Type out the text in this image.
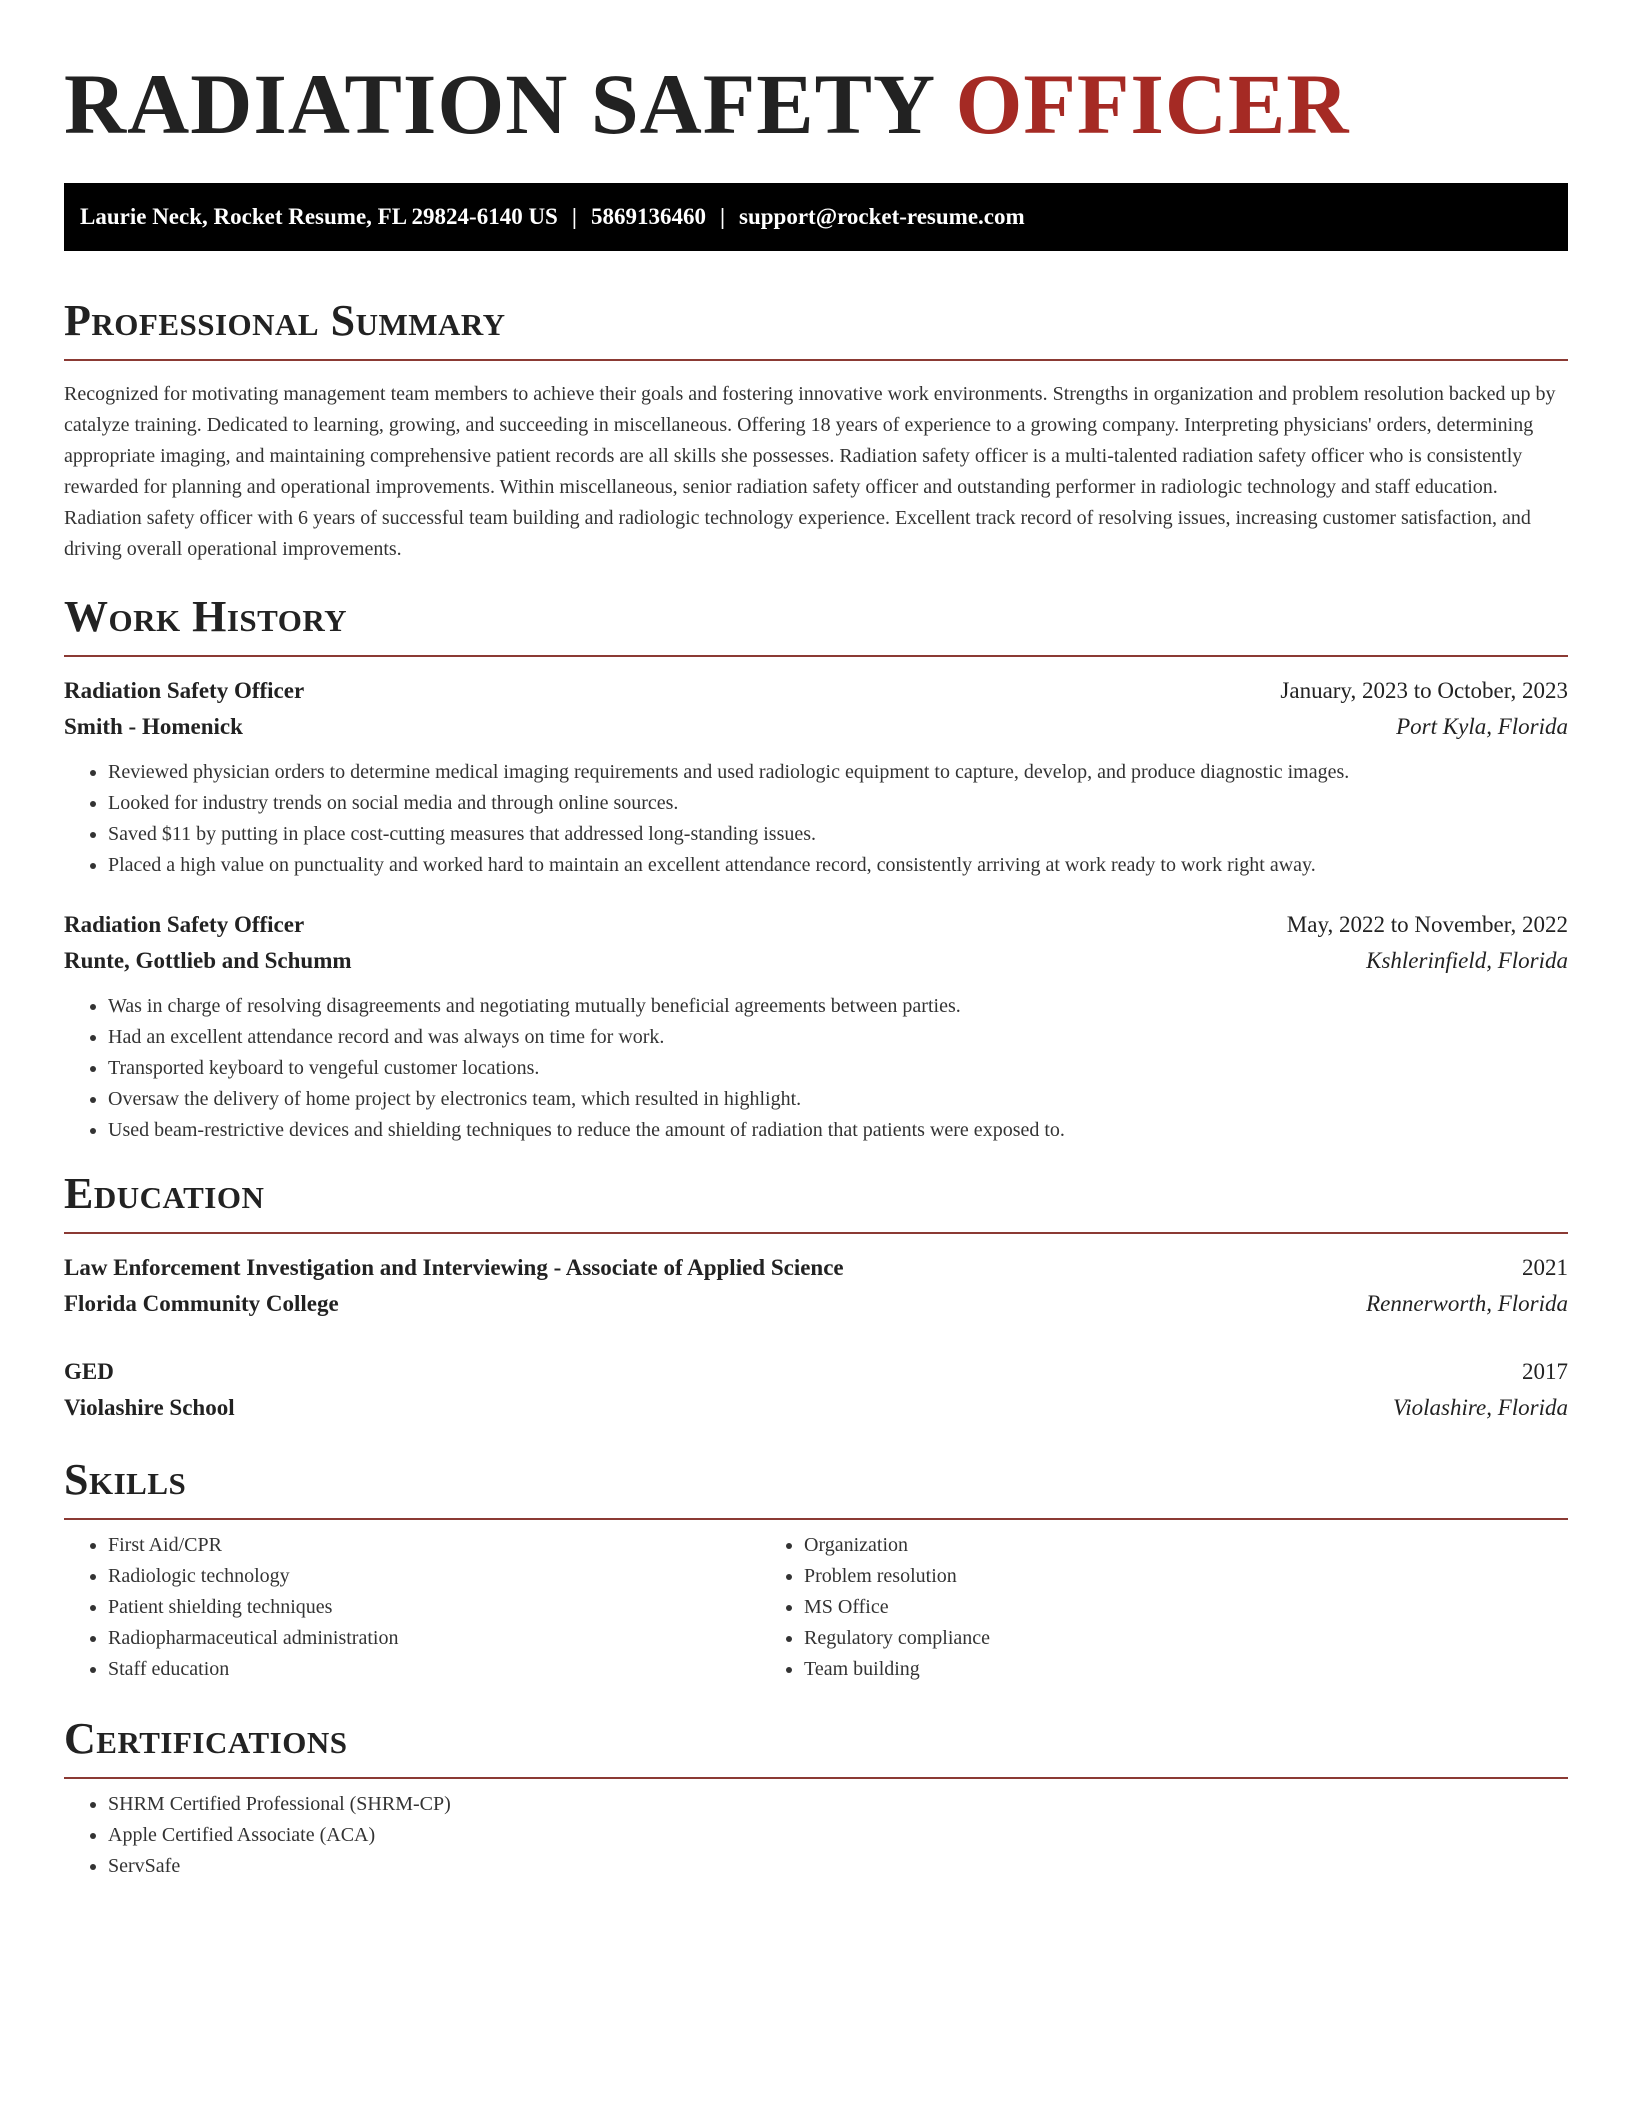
RADIATION SAFETY OFFICER
Laurie Neck, Rocket Resume, FL 29824-6140 US | 5869136460 | support@rocket-resume.com
Professional Summary

Recognized for motivating management team members to achieve their goals and fostering innovative work environments. Strengths in organization and problem resolution backed up by catalyze training. Dedicated to learning, growing, and succeeding in miscellaneous. Offering 18 years of experience to a growing company. Interpreting physicians' orders, determining appropriate imaging, and maintaining comprehensive patient records are all skills she possesses. Radiation safety officer is a multi-talented radiation safety officer who is consistently rewarded for planning and operational improvements. Within miscellaneous, senior radiation safety officer and outstanding performer in radiologic technology and staff education. Radiation safety officer with 6 years of successful team building and radiologic technology experience. Excellent track record of resolving issues, increasing customer satisfaction, and driving overall operational improvements.

Work History
Radiation Safety Officer	January, 2023 to October, 2023
Smith - Homenick	Port Kyla, Florida
• Reviewed physician orders to determine medical imaging requirements and used radiologic equipment to capture, develop, and produce diagnostic images.
• Looked for industry trends on social media and through online sources.
• Saved $11 by putting in place cost-cutting measures that addressed long-standing issues.
• Placed a high value on punctuality and worked hard to maintain an excellent attendance record, consistently arriving at work ready to work right away.
Radiation Safety Officer	May, 2022 to November, 2022
Runte, Gottlieb and Schumm	Kshlerinfield, Florida
• Was in charge of resolving disagreements and negotiating mutually beneficial agreements between parties.
• Had an excellent attendance record and was always on time for work.
• Transported keyboard to vengeful customer locations.
• Oversaw the delivery of home project by electronics team, which resulted in highlight.
• Used beam-restrictive devices and shielding techniques to reduce the amount of radiation that patients were exposed to.
Education
Law Enforcement Investigation and Interviewing - Associate of Applied Science	2021
Florida Community College	Rennerworth, Florida
GED	2017
Violashire School	Violashire, Florida
Skills
• First Aid/CPR
• Radiologic technology
• Patient shielding techniques
• Radiopharmaceutical administration
• Staff education
• Organization
• Problem resolution
• MS Office
• Regulatory compliance
• Team building
Certifications
• SHRM Certified Professional (SHRM-CP)
• Apple Certified Associate (ACA)
• ServSafe
